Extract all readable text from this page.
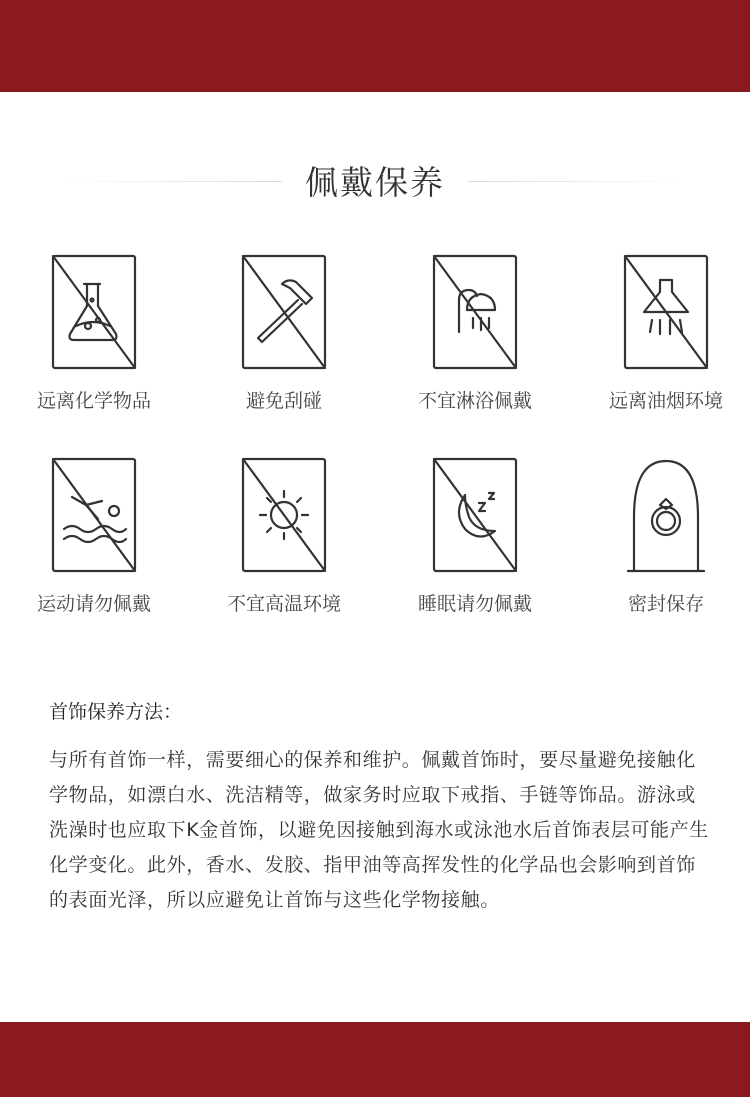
佩戴保养
远离化学物品	避免刮碰	不宜淋浴佩戴	远离油烟环境
运动请勿佩戴	不宜高温环境	睡眠请勿佩戴	密封保存
首饰保养方法：
与所有首饰一样，需要细心的保养和维护。佩戴首饰时，要尽量避免接触化学物品，如漂白水、洗洁精等，做家务时应取下戒指、手链等饰品。游泳或洗澡时也应取下K金首饰，以避免因接触到海水或泳池水后首饰表层可能产生化学变化。此外，香水、发胶、指甲油等高挥发性的化学品也会影响到首饰的表面光泽，所以应避免让首饰与这些化学物接触。
